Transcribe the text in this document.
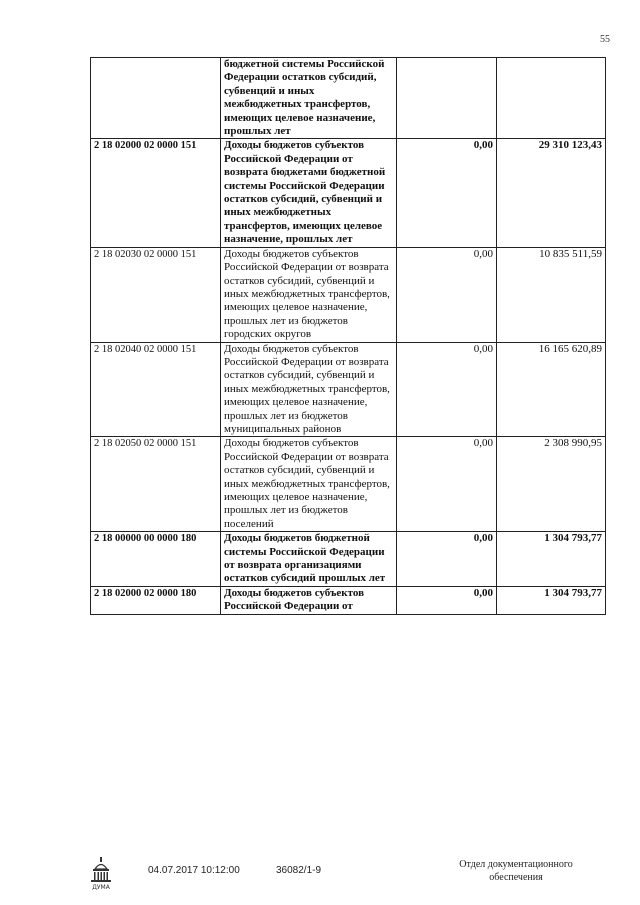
55
	бюджетной системы Российской Федерации остатков субсидий, субвенций и иных межбюджетных трансфертов, имеющих целевое назначение, прошлых лет		
2 18 02000 02 0000 151	Доходы бюджетов субъектов Российской Федерации от возврата бюджетами бюджетной системы Российской Федерации остатков субсидий, субвенций и иных межбюджетных трансфертов, имеющих целевое назначение, прошлых лет	0,00	29 310 123,43
2 18 02030 02 0000 151	Доходы бюджетов субъектов Российской Федерации от возврата остатков субсидий, субвенций и иных межбюджетных трансфертов, имеющих целевое назначение, прошлых лет из бюджетов городских округов	0,00	10 835 511,59
2 18 02040 02 0000 151	Доходы бюджетов субъектов Российской Федерации от возврата остатков субсидий, субвенций и иных межбюджетных трансфертов, имеющих целевое назначение, прошлых лет из бюджетов муниципальных районов	0,00	16 165 620,89
2 18 02050 02 0000 151	Доходы бюджетов субъектов Российской Федерации от возврата остатков субсидий, субвенций и иных межбюджетных трансфертов, имеющих целевое назначение, прошлых лет из бюджетов поселений	0,00	2 308 990,95
2 18 00000 00 0000 180	Доходы бюджетов бюджетной системы Российской Федерации от возврата организациями остатков субсидий прошлых лет	0,00	1 304 793,77
2 18 02000 02 0000 180	Доходы бюджетов субъектов Российской Федерации от	0,00	1 304 793,77
ДУМА
04.07.2017 10:12:00	36082/1-9
Отдел документационного обеспечения
